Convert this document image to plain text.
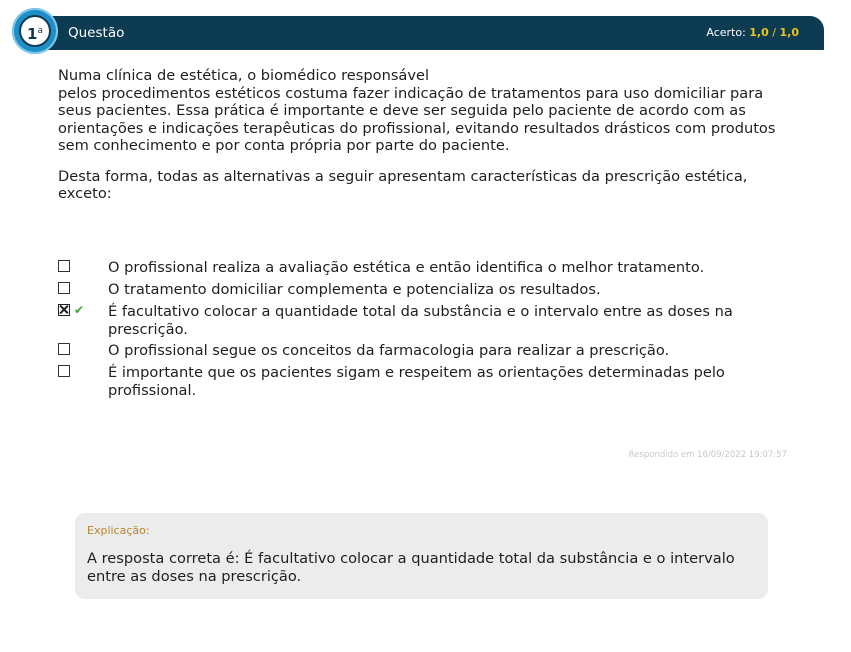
1$^a$	Questão	Acerto: 1,0 / 1,0

Numa clínica de estética, o biomédico responsável
pelos procedimentos estéticos costuma fazer indicação de tratamentos para uso domiciliar para seus pacientes. Essa prática é importante e deve ser seguida pelo paciente de acordo com as orientações e indicações terapêuticas do profissional, evitando resultados drásticos com produtos sem conhecimento e por conta própria por parte do paciente.

Desta forma, todas as alternativas a seguir apresentam características da prescrição estética, exceto:

O profissional realiza a avaliação estética e então identifica o melhor tratamento.
O tratamento domiciliar complementa e potencializa os resultados.
✔ É facultativo colocar a quantidade total da substância e o intervalo entre as doses na prescrição.
O profissional segue os conceitos da farmacologia para realizar a prescrição.
É importante que os pacientes sigam e respeitem as orientações determinadas pelo profissional.
Respondido em 16/09/2022 19:07:57
Explicação:
A resposta correta é: É facultativo colocar a quantidade total da substância e o intervalo entre as doses na prescrição.
